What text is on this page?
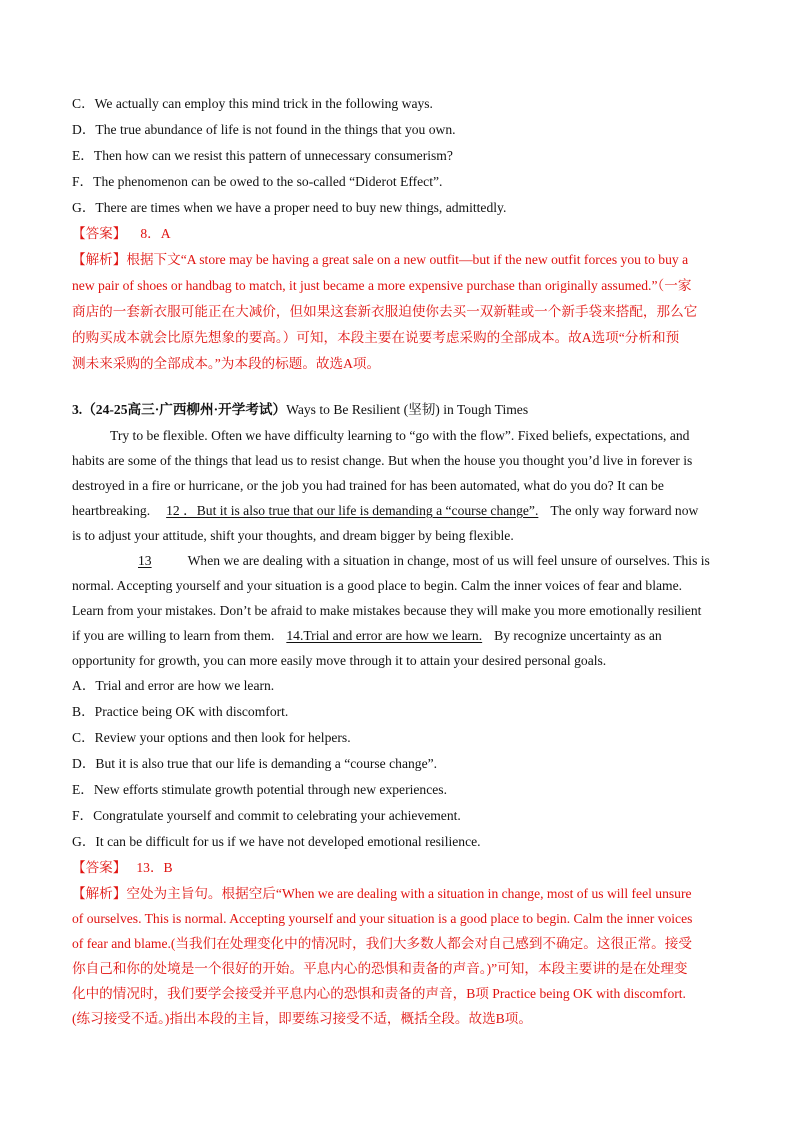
C．We actually can employ this mind trick in the following ways.
D．The true abundance of life is not found in the things that you own.
E．Then how can we resist this pattern of unnecessary consumerism?
F．The phenomenon can be owed to the so-called “Diderot Effect”.
G．There are times when we have a proper need to buy new things, admittedly.
【答案】 8．A
【解析】根据下文“A store may be having a great sale on a new outfit—but if the new outfit forces you to buy a
new pair of shoes or handbag to match, it just became a more expensive purchase than originally assumed.”（一家
商店的一套新衣服可能正在大减价，但如果这套新衣服迫使你去买一双新鞋或一个新手袋来搭配，那么它
的购买成本就会比原先想象的要高。）可知，本段主要在说要考虑采购的全部成本。故A选项“分析和预
测未来采购的全部成本。”为本段的标题。故选A项。
3.（24-25高三·广西柳州·开学考试）Ways to Be Resilient (坚韧) in Tough Times
Try to be flexible. Often we have difficulty learning to “go with the flow”. Fixed beliefs, expectations, and
habits are some of the things that lead us to resist change. But when the house you thought you’d live in forever is
destroyed in a fire or hurricane, or the job you had trained for has been automated, what do you do? It can be
heartbreaking. 12 ．But it is also true that our life is demanding a “course change”. The only way forward now
is to adjust your attitude, shift your thoughts, and dream bigger by being flexible.
13	When we are dealing with a situation in change, most of us will feel unsure of ourselves. This is
normal. Accepting yourself and your situation is a good place to begin. Calm the inner voices of fear and blame.
Learn from your mistakes. Don’t be afraid to make mistakes because they will make you more emotionally resilient
if you are willing to learn from them. 14.Trial and error are how we learn. By recognize uncertainty as an
opportunity for growth, you can more easily move through it to attain your desired personal goals.
A．Trial and error are how we learn.
B．Practice being OK with discomfort.
C．Review your options and then look for helpers.
D．But it is also true that our life is demanding a “course change”.
E．New efforts stimulate growth potential through new experiences.
F．Congratulate yourself and commit to celebrating your achievement.
G．It can be difficult for us if we have not developed emotional resilience.
【答案】 13．B
【解析】空处为主旨句。根据空后“When we are dealing with a situation in change, most of us will feel unsure
of ourselves. This is normal. Accepting yourself and your situation is a good place to begin. Calm the inner voices
of fear and blame.(当我们在处理变化中的情况时，我们大多数人都会对自己感到不确定。这很正常。接受
你自己和你的处境是一个很好的开始。平息内心的恐惧和责备的声音。)”可知，本段主要讲的是在处理变
化中的情况时，我们要学会接受并平息内心的恐惧和责备的声音，B项 Practice being OK with discomfort.
(练习接受不适。)指出本段的主旨，即要练习接受不适，概括全段。故选B项。
